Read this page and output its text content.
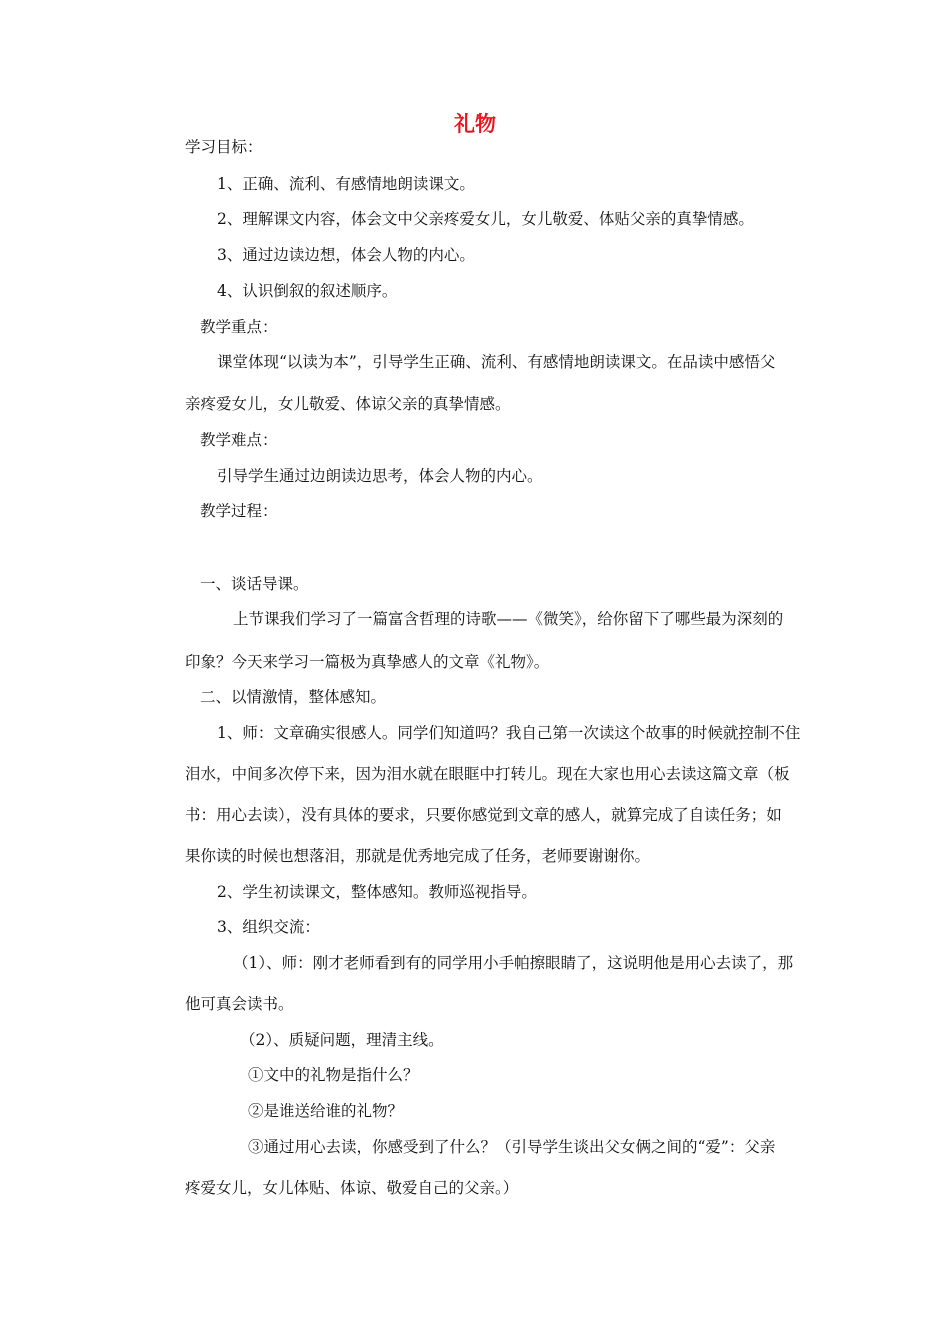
礼物
学习目标：
1、正确、流利、有感情地朗读课文。
2、理解课文内容，体会文中父亲疼爱女儿，女儿敬爱、体贴父亲的真挚情感。
3、通过边读边想，体会人物的内心。
4、认识倒叙的叙述顺序。
教学重点：
课堂体现“以读为本”，引导学生正确、流利、有感情地朗读课文。在品读中感悟父
亲疼爱女儿，女儿敬爱、体谅父亲的真挚情感。
教学难点：
引导学生通过边朗读边思考，体会人物的内心。
教学过程：
一、谈话导课。
上节课我们学习了一篇富含哲理的诗歌——《微笑》，给你留下了哪些最为深刻的
印象？今天来学习一篇极为真挚感人的文章《礼物》。
二、以情激情，整体感知。
1、师：文章确实很感人。同学们知道吗？我自己第一次读这个故事的时候就控制不住
泪水，中间多次停下来，因为泪水就在眼眶中打转儿。现在大家也用心去读这篇文章（板
书：用心去读），没有具体的要求，只要你感觉到文章的感人，就算完成了自读任务；如
果你读的时候也想落泪，那就是优秀地完成了任务，老师要谢谢你。
2、学生初读课文，整体感知。教师巡视指导。
3、组织交流：
（1）、师：刚才老师看到有的同学用小手帕擦眼睛了，这说明他是用心去读了，那
他可真会读书。
（2）、质疑问题，理清主线。
①文中的礼物是指什么？
②是谁送给谁的礼物？
③通过用心去读，你感受到了什么？（引导学生谈出父女俩之间的“爱”：父亲
疼爱女儿，女儿体贴、体谅、敬爱自己的父亲。）
